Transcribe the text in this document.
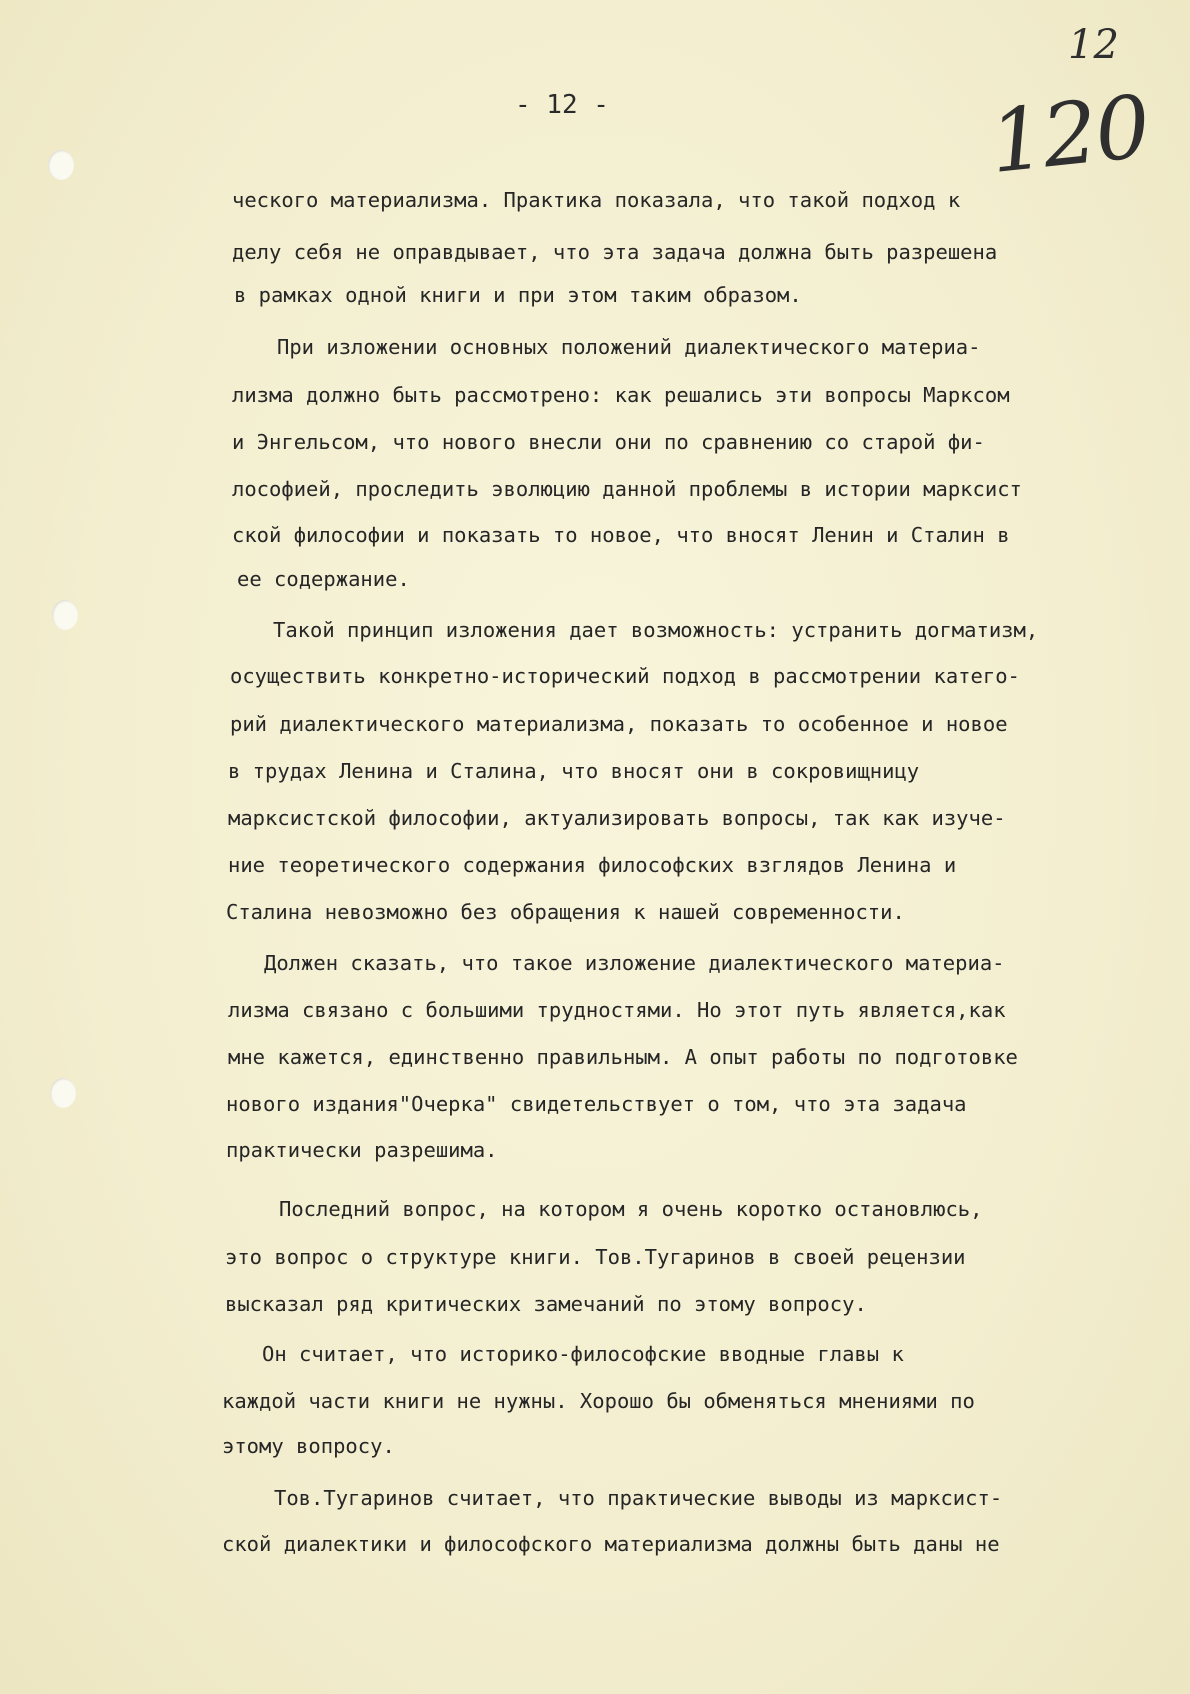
12
120
- 12 -
ческого материализма. Практика показала, что такой подход к
делу себя не оправдывает, что эта задача должна быть разрешена
в рамках одной книги и при этом таким образом.
При изложении основных положений диалектического материа-
лизма должно быть рассмотрено: как решались эти вопросы Марксом
и Энгельсом, что нового внесли они по сравнению со старой фи-
лософией, проследить эволюцию данной проблемы в истории марксист
ской философии и показать то новое, что вносят Ленин и Сталин в
ее содержание.
Такой принцип изложения дает возможность: устранить догматизм,
осуществить конкретно-исторический подход в рассмотрении катего-
рий диалектического материализма, показать то особенное и новое
в трудах Ленина и Сталина, что вносят они в сокровищницу
марксистской философии, актуализировать вопросы, так как изуче-
ние теоретического содержания философских взглядов Ленина и
Сталина невозможно без обращения к нашей современности.
Должен сказать, что такое изложение диалектического материа-
лизма связано с большими трудностями. Но этот путь является,как
мне кажется, единственно правильным. А опыт работы по подготовке
нового издания"Очерка" свидетельствует о том, что эта задача
практически разрешима.
Последний вопрос, на котором я очень коротко остановлюсь,
это вопрос о структуре книги. Тов.Тугаринов в своей рецензии
высказал ряд критических замечаний по этому вопросу.
Он считает, что историко-философские вводные главы к
каждой части книги не нужны. Хорошо бы обменяться мнениями по
этому вопросу.
Тов.Тугаринов считает, что практические выводы из марксист-
ской диалектики и философского материализма должны быть даны не
